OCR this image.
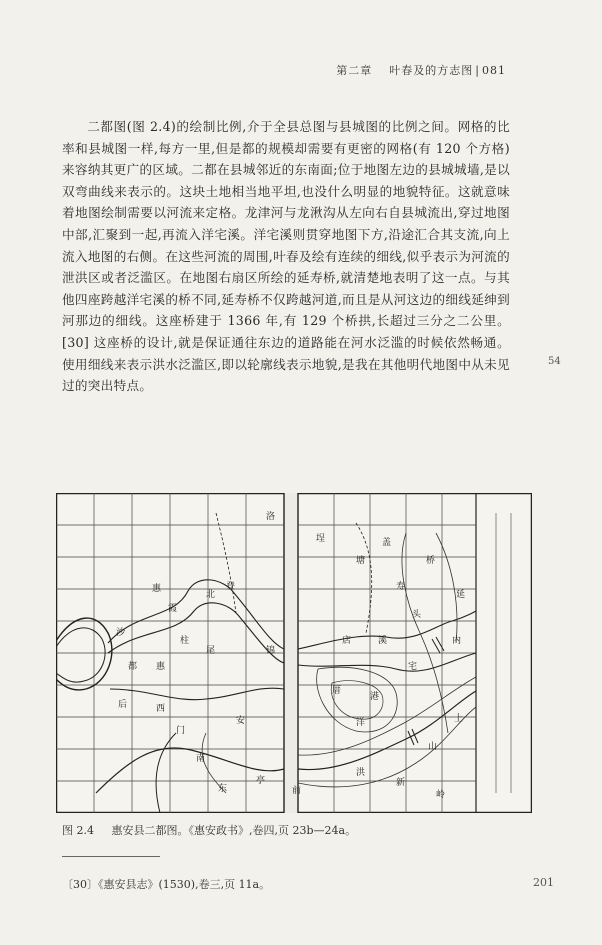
第二章 叶春及的方志图 | 081

二都图(图 2.4)的绘制比例,介于全县总图与县城图的比例之间。网格的比率和县城图一样,每方一里,但是都的规模却需要有更密的网格(有 120 个方格)来容纳其更广的区域。二都在县城邻近的东南面;位于地图左边的县城城墙,是以双弯曲线来表示的。这块土地相当地平坦,也没什么明显的地貌特征。这就意味着地图绘制需要以河流来定格。龙津河与龙湫沟从左向右自县城流出,穿过地图中部,汇聚到一起,再流入洋宅溪。洋宅溪则贯穿地图下方,沿途汇合其支流,向上流入地图的右侧。在这些河流的周围,叶春及绘有连续的细线,似乎表示为河流的泄洪区或者泛滥区。在地图右扇区所绘的延寿桥,就清楚地表明了这一点。与其他四座跨越洋宅溪的桥不同,延寿桥不仅跨越河道,而且是从河这边的细线延绅到河那边的细线。这座桥建于 1366 年,有 129 个桥拱,长超过三分之二公里。[30] 这座桥的设计,就是保证通往东边的道路能在河水泛滥的时候依然畅通。使用细线来表示洪水泛滥区,即以轮廓线表示地貌,是我在其他明代地图中从未见过的突出特点。

54
洛
惠
北
登
霞
沙
都 惠
柱
尾
后	西
门
南
东
亭
埕
塘
盖
寿
桥
延
店	溪
头
内
厝
港
洋
宅
山
上
洪
新
岭
安
锦
前
图 2.4 惠安县二都图。《惠安政书》,卷四,页 23b—24a。
〔30〕《惠安县志》(1530),卷三,页 11a。	201
